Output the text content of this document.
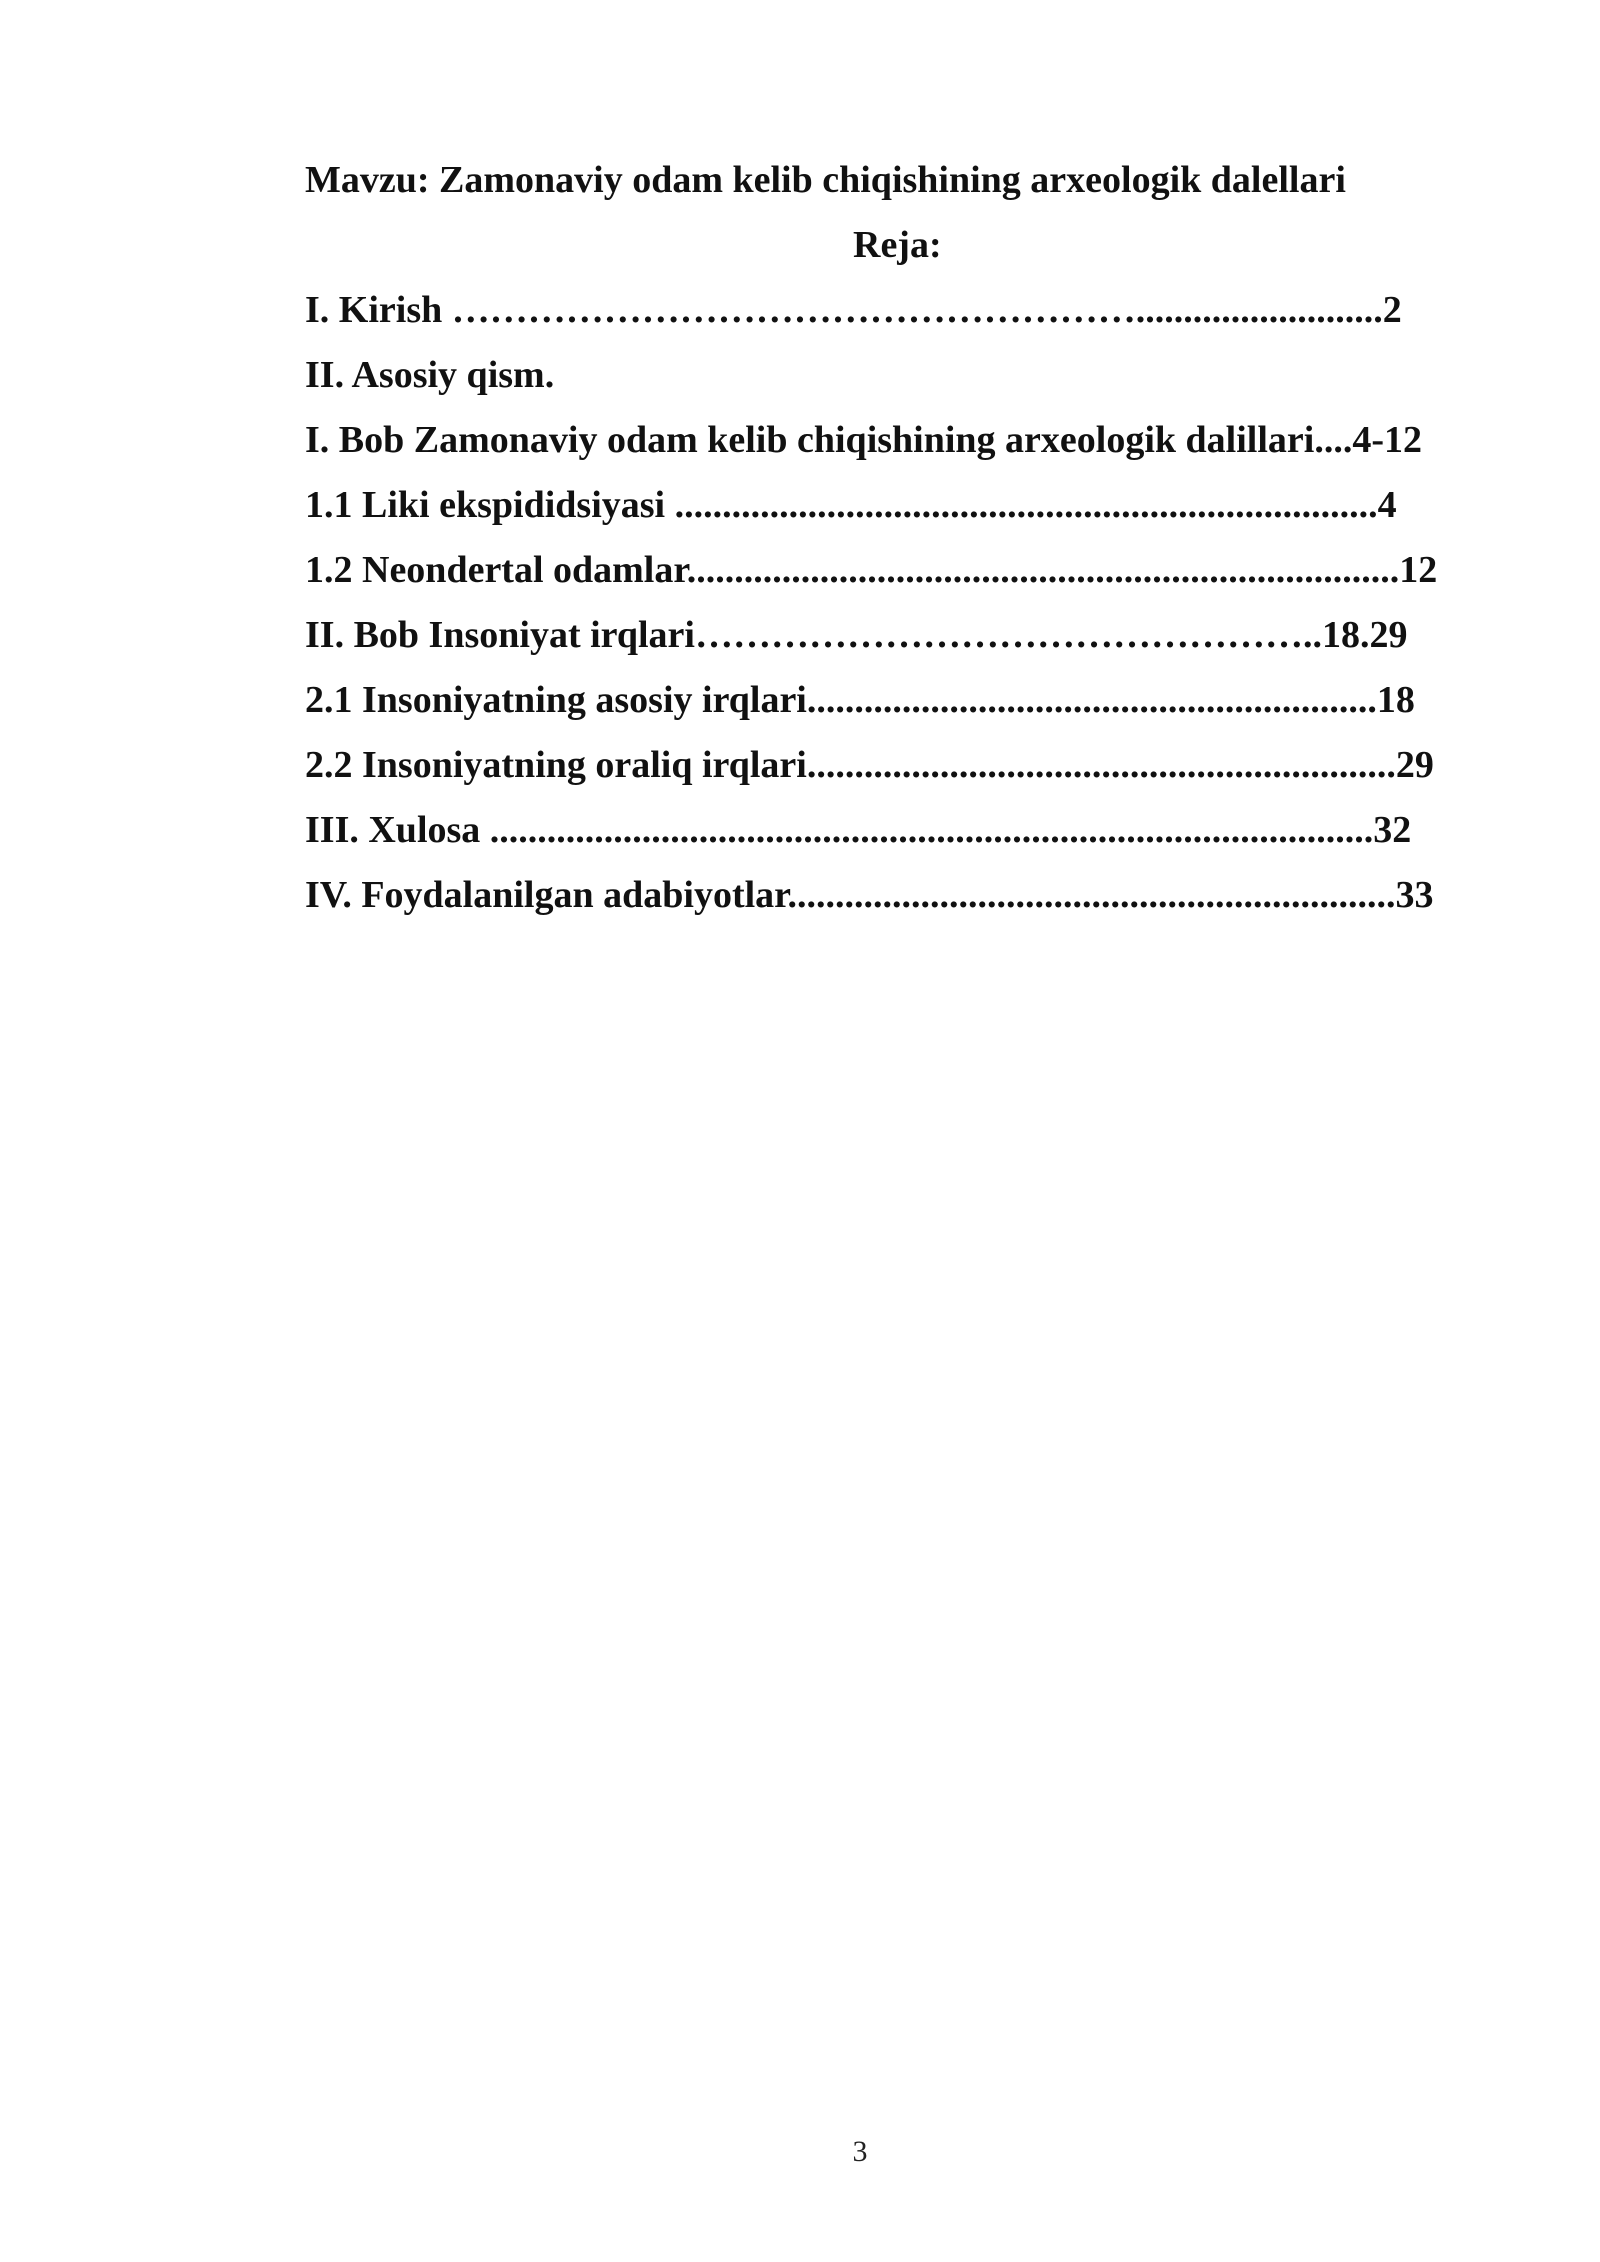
Mavzu: Zamonaviy odam kelib chiqishining arxeologik dalellari
Reja:
I. Kirish ………………………………………………..........................2
II. Asosiy qism.
I. Bob Zamonaviy odam kelib chiqishining arxeologik dalillari....4-12
1.1 Liki ekspididsiyasi ..........................................................................4
1.2 Neondertal odamlar...........................................................................12
II. Bob Insoniyat irqlari…………………………………………..18.29
2.1 Insoniyatning asosiy irqlari............................................................18
2.2 Insoniyatning oraliq irqlari..............................................................29
III. Xulosa .............................................................................................32
IV. Foydalanilgan adabiyotlar................................................................33
3
